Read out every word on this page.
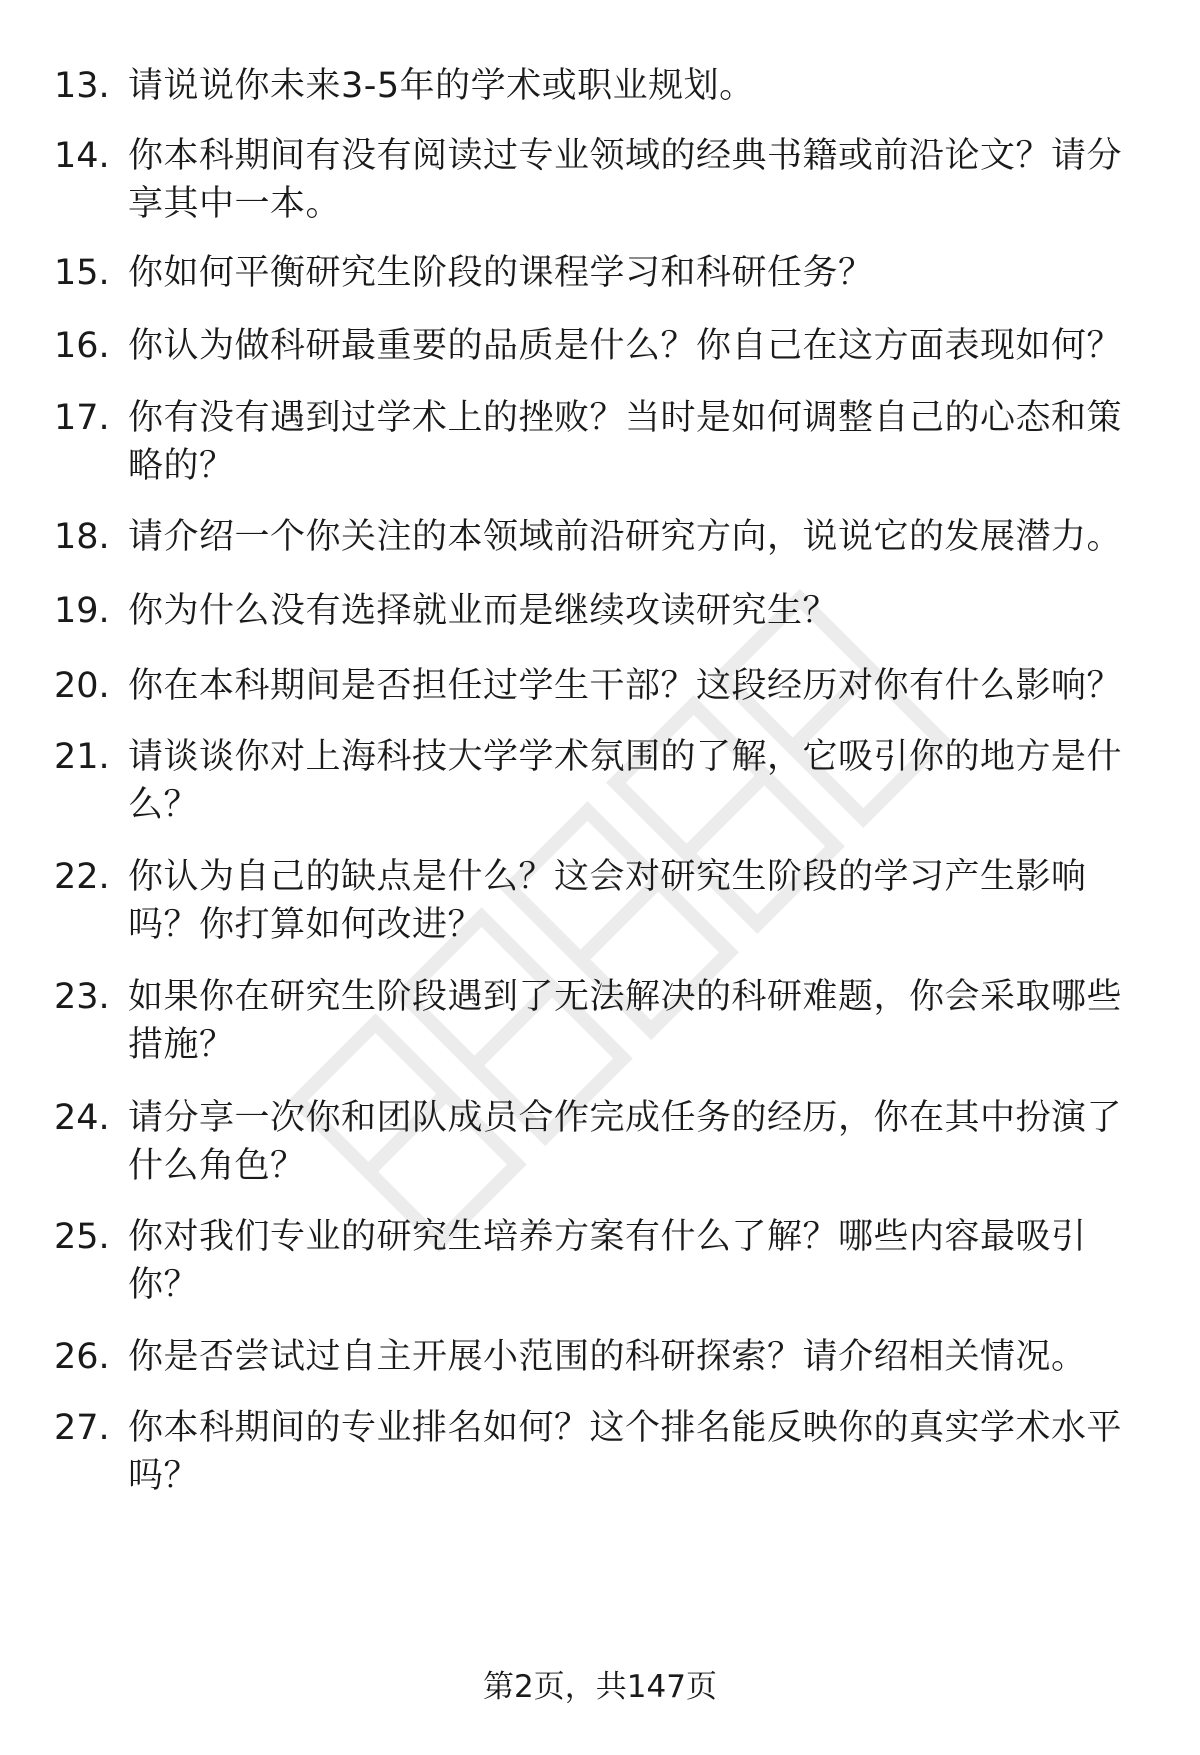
13. 请说说你未来3-5年的学术或职业规划。
14. 你本科期间有没有阅读过专业领域的经典书籍或前沿论文？请分享其中一本。
15. 你如何平衡研究生阶段的课程学习和科研任务？
16. 你认为做科研最重要的品质是什么？你自己在这方面表现如何？
17. 你有没有遇到过学术上的挫败？当时是如何调整自己的心态和策略的？
18. 请介绍一个你关注的本领域前沿研究方向，说说它的发展潜力。
19. 你为什么没有选择就业而是继续攻读研究生？
20. 你在本科期间是否担任过学生干部？这段经历对你有什么影响？
21. 请谈谈你对上海科技大学学术氛围的了解，它吸引你的地方是什么？
22. 你认为自己的缺点是什么？这会对研究生阶段的学习产生影响吗？你打算如何改进？
23. 如果你在研究生阶段遇到了无法解决的科研难题，你会采取哪些措施？
24. 请分享一次你和团队成员合作完成任务的经历，你在其中扮演了什么角色？
25. 你对我们专业的研究生培养方案有什么了解？哪些内容最吸引你？
26. 你是否尝试过自主开展小范围的科研探索？请介绍相关情况。
27. 你本科期间的专业排名如何？这个排名能反映你的真实学术水平吗？
第2页，共147页
